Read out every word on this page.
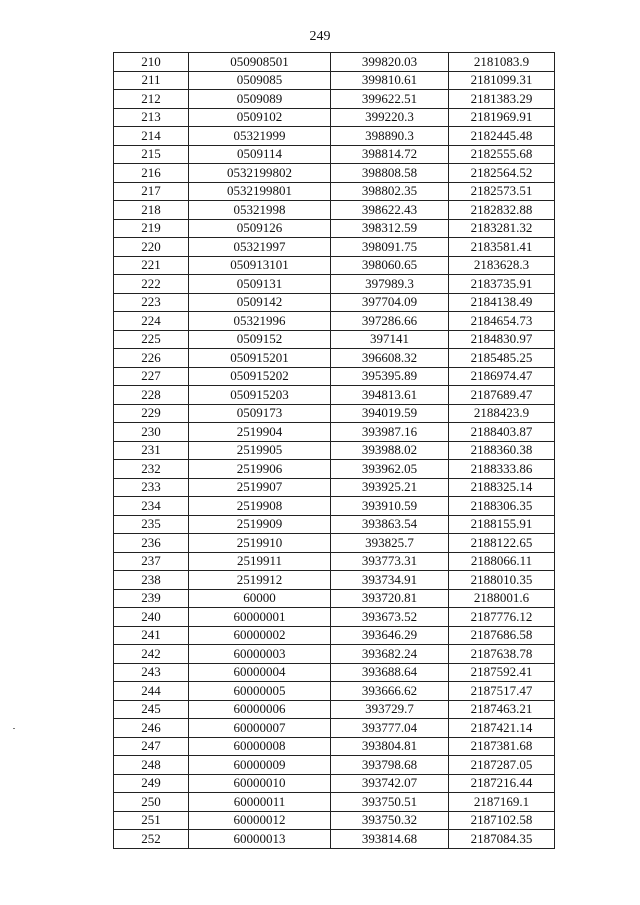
249
210	050908501	399820.03	2181083.9
211	0509085	399810.61	2181099.31
212	0509089	399622.51	2181383.29
213	0509102	399220.3	2181969.91
214	05321999	398890.3	2182445.48
215	0509114	398814.72	2182555.68
216	0532199802	398808.58	2182564.52
217	0532199801	398802.35	2182573.51
218	05321998	398622.43	2182832.88
219	0509126	398312.59	2183281.32
220	05321997	398091.75	2183581.41
221	050913101	398060.65	2183628.3
222	0509131	397989.3	2183735.91
223	0509142	397704.09	2184138.49
224	05321996	397286.66	2184654.73
225	0509152	397141	2184830.97
226	050915201	396608.32	2185485.25
227	050915202	395395.89	2186974.47
228	050915203	394813.61	2187689.47
229	0509173	394019.59	2188423.9
230	2519904	393987.16	2188403.87
231	2519905	393988.02	2188360.38
232	2519906	393962.05	2188333.86
233	2519907	393925.21	2188325.14
234	2519908	393910.59	2188306.35
235	2519909	393863.54	2188155.91
236	2519910	393825.7	2188122.65
237	2519911	393773.31	2188066.11
238	2519912	393734.91	2188010.35
239	60000	393720.81	2188001.6
240	60000001	393673.52	2187776.12
241	60000002	393646.29	2187686.58
242	60000003	393682.24	2187638.78
243	60000004	393688.64	2187592.41
244	60000005	393666.62	2187517.47
245	60000006	393729.7	2187463.21
246	60000007	393777.04	2187421.14
247	60000008	393804.81	2187381.68
248	60000009	393798.68	2187287.05
249	60000010	393742.07	2187216.44
250	60000011	393750.51	2187169.1
251	60000012	393750.32	2187102.58
252	60000013	393814.68	2187084.35
